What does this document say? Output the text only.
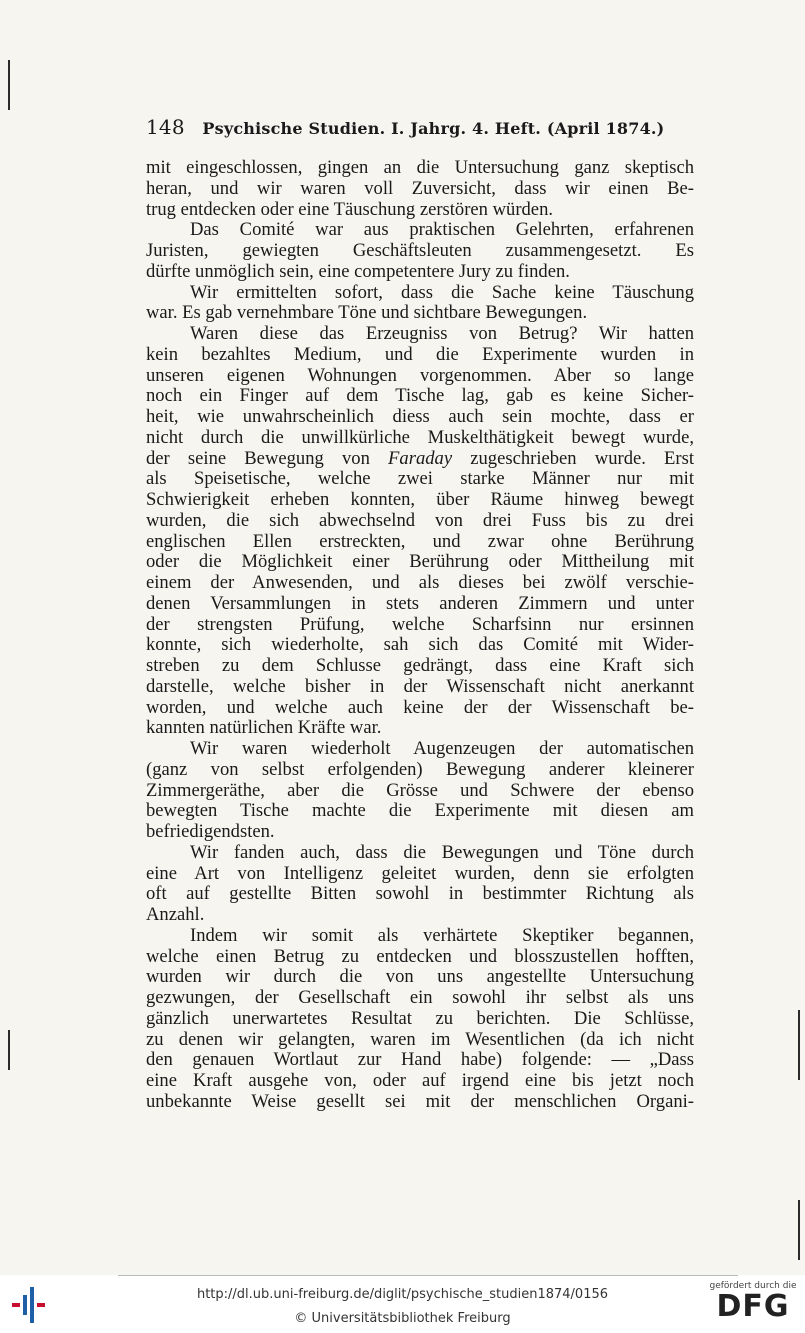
148 Psychische Studien. I. Jahrg. 4. Heft. (April 1874.)
mit eingeschlossen, gingen an die Untersuchung ganz skeptisch
heran, und wir waren voll Zuversicht, dass wir einen Be-
trug entdecken oder eine Täuschung zerstören würden.
Das Comité war aus praktischen Gelehrten, erfahrenen
Juristen, gewiegten Geschäftsleuten zusammengesetzt. Es
dürfte unmöglich sein, eine competentere Jury zu finden.
Wir ermittelten sofort, dass die Sache keine Täuschung
war. Es gab vernehmbare Töne und sichtbare Bewegungen.
Waren diese das Erzeugniss von Betrug? Wir hatten
kein bezahltes Medium, und die Experimente wurden in
unseren eigenen Wohnungen vorgenommen. Aber so lange
noch ein Finger auf dem Tische lag, gab es keine Sicher-
heit, wie unwahrscheinlich diess auch sein mochte, dass er
nicht durch die unwillkürliche Muskelthätigkeit bewegt wurde,
der seine Bewegung von Faraday zugeschrieben wurde. Erst
als Speisetische, welche zwei starke Männer nur mit
Schwierigkeit erheben konnten, über Räume hinweg bewegt
wurden, die sich abwechselnd von drei Fuss bis zu drei
englischen Ellen erstreckten, und zwar ohne Berührung
oder die Möglichkeit einer Berührung oder Mittheilung mit
einem der Anwesenden, und als dieses bei zwölf verschie-
denen Versammlungen in stets anderen Zimmern und unter
der strengsten Prüfung, welche Scharfsinn nur ersinnen
konnte, sich wiederholte, sah sich das Comité mit Wider-
streben zu dem Schlusse gedrängt, dass eine Kraft sich
darstelle, welche bisher in der Wissenschaft nicht anerkannt
worden, und welche auch keine der der Wissenschaft be-
kannten natürlichen Kräfte war.
Wir waren wiederholt Augenzeugen der automatischen
(ganz von selbst erfolgenden) Bewegung anderer kleinerer
Zimmergeräthe, aber die Grösse und Schwere der ebenso
bewegten Tische machte die Experimente mit diesen am
befriedigendsten.
Wir fanden auch, dass die Bewegungen und Töne durch
eine Art von Intelligenz geleitet wurden, denn sie erfolgten
oft auf gestellte Bitten sowohl in bestimmter Richtung als
Anzahl.
Indem wir somit als verhärtete Skeptiker begannen,
welche einen Betrug zu entdecken und blosszustellen hofften,
wurden wir durch die von uns angestellte Untersuchung
gezwungen, der Gesellschaft ein sowohl ihr selbst als uns
gänzlich unerwartetes Resultat zu berichten. Die Schlüsse,
zu denen wir gelangten, waren im Wesentlichen (da ich nicht
den genauen Wortlaut zur Hand habe) folgende: — „Dass
eine Kraft ausgehe von, oder auf irgend eine bis jetzt noch
unbekannte Weise gesellt sei mit der menschlichen Organi-
http://dl.ub.uni-freiburg.de/diglit/psychische_studien1874/0156
© Universitätsbibliothek Freiburg
gefördert durch die
DFG
